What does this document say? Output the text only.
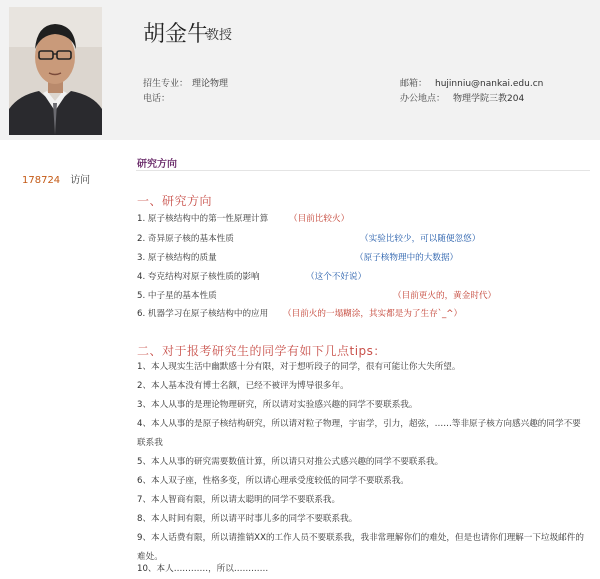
胡金牛
教授
招生专业： 理论物理
电话：
邮箱： hujinniu@nankai.edu.cn
办公地点： 物理学院三教204
178724 访问
研究方向
一、研究方向
1. 原子核结构中的第一性原理计算 （目前比较火）
2. 奇异原子核的基本性质	（实验比较少，可以随便忽悠）
3. 原子核结构的质量	（原子核物理中的大数据）
4. 夸克结构对原子核性质的影响	（这个不好说）
5. 中子星的基本性质	（目前更火的，黄金时代）
6. 机器学习在原子核结构中的应用 （目前火的一塌糊涂，其实都是为了生存`_^）
二、对于报考研究生的同学有如下几点tips：
1、本人现实生活中幽默感十分有限，对于想听段子的同学，很有可能让你大失所望。
2、本人基本没有博士名额，已经不被评为博导很多年。
3、本人从事的是理论物理研究，所以请对实验感兴趣的同学不要联系我。
4、本人从事的是原子核结构研究，所以请对粒子物理，宇宙学，引力，超弦，……等非原子核方向感兴趣的同学不要联系我
5、本人从事的研究需要数值计算，所以请只对推公式感兴趣的同学不要联系我。
6、本人双子座，性格多变，所以请心理承受度较低的同学不要联系我。
7、本人智商有限，所以请太聪明的同学不要联系我。
8、本人时间有限，所以请平时事儿多的同学不要联系我。
9、本人话费有限，所以请推销XX的工作人员不要联系我，我非常理解你们的难处，但是也请你们理解一下垃圾邮件的难处。
10、本人…………，所以…………
